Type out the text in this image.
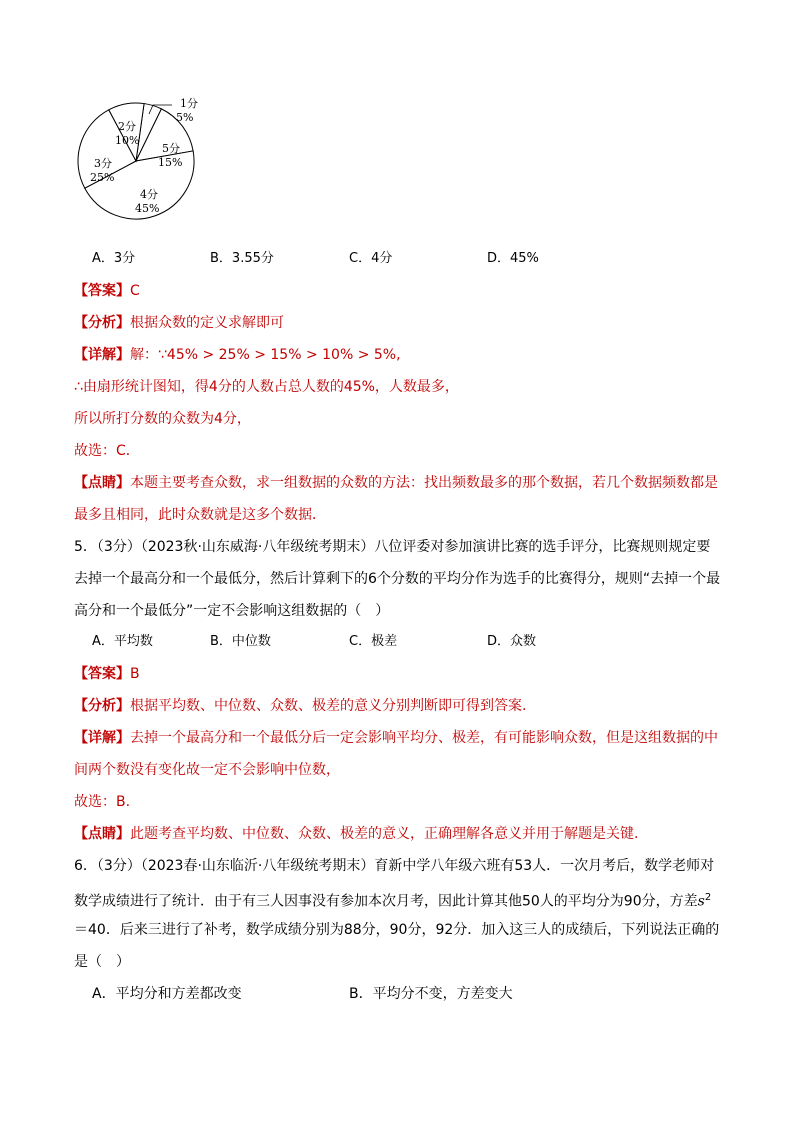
1分
5%
2分
10%
3分
25%
4分
45%
5分
15%
A．3分	B．3.55分	C．4分	D．45%
【答案】C
【分析】根据众数的定义求解即可
【详解】解：∵45% > 25% > 15% > 10% > 5%,
∴由扇形统计图知，得4分的人数占总人数的45%，人数最多，
所以所打分数的众数为4分，
故选：C．
【点睛】本题主要考查众数，求一组数据的众数的方法：找出频数最多的那个数据，若几个数据频数都是
最多且相同，此时众数就是这多个数据．
5．（3分）（2023秋·山东威海·八年级统考期末）八位评委对参加演讲比赛的选手评分，比赛规则规定要
去掉一个最高分和一个最低分，然后计算剩下的6个分数的平均分作为选手的比赛得分，规则“去掉一个最
高分和一个最低分”一定不会影响这组数据的（　）
A．平均数	B．中位数	C．极差	D．众数
【答案】B
【分析】根据平均数、中位数、众数、极差的意义分别判断即可得到答案.
【详解】去掉一个最高分和一个最低分后一定会影响平均分、极差，有可能影响众数，但是这组数据的中
间两个数没有变化故一定不会影响中位数，
故选：B.
【点睛】此题考查平均数、中位数、众数、极差的意义，正确理解各意义并用于解题是关键.
6．（3分）（2023春·山东临沂·八年级统考期末）育新中学八年级六班有53人．一次月考后，数学老师对
数学成绩进行了统计．由于有三人因事没有参加本次月考，因此计算其他50人的平均分为90分，方差$s^2$
＝40．后来三进行了补考，数学成绩分别为88分，90分，92分．加入这三人的成绩后，下列说法正确的
是（　）
A．平均分和方差都改变	B．平均分不变，方差变大
